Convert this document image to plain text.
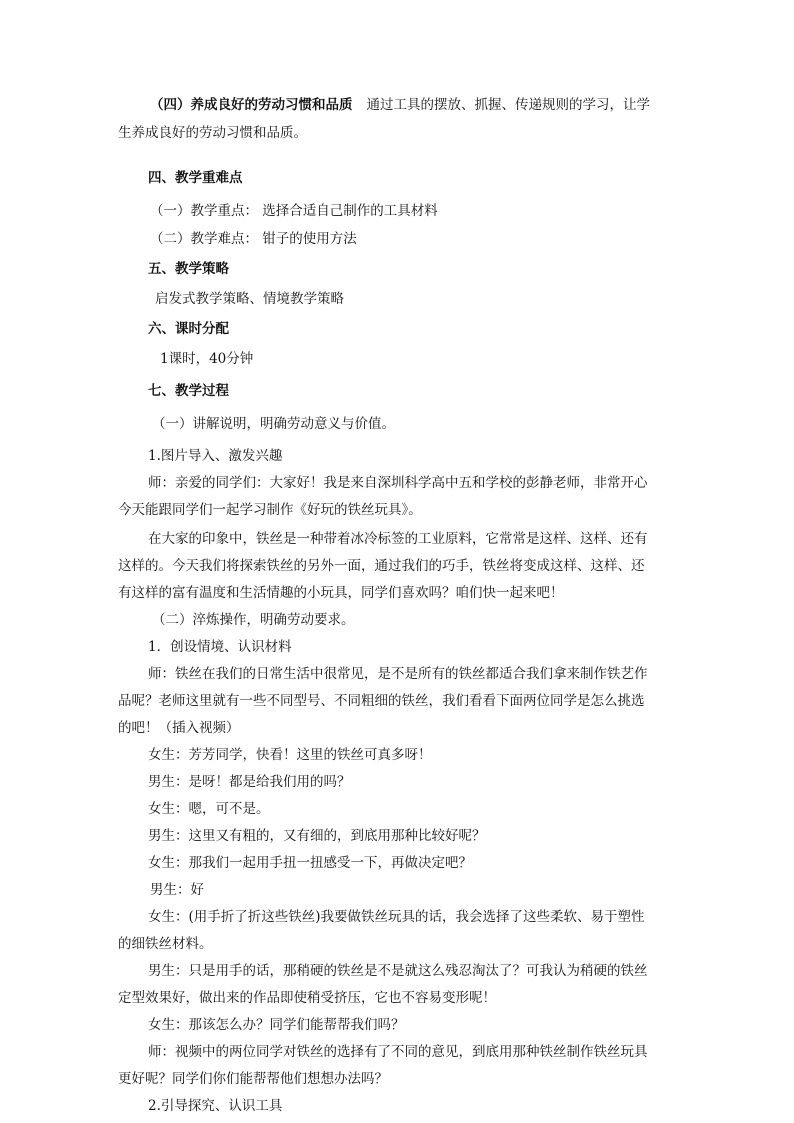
（四）养成良好的劳动习惯和品质 通过工具的摆放、抓握、传递规则的学习，让学
生养成良好的劳动习惯和品质。
四、教学重难点
（一）教学重点： 选择合适自己制作的工具材料
（二）教学难点： 钳子的使用方法
五、教学策略
启发式教学策略、情境教学策略
六、课时分配
1课时，40分钟
七、教学过程
（一）讲解说明，明确劳动意义与价值。
1.图片导入、激发兴趣
师：亲爱的同学们：大家好！我是来自深圳科学高中五和学校的彭静老师，非常开心
今天能跟同学们一起学习制作《好玩的铁丝玩具》。
在大家的印象中，铁丝是一种带着冰冷标签的工业原料，它常常是这样、这样、还有
这样的。今天我们将探索铁丝的另外一面，通过我们的巧手，铁丝将变成这样、这样、还
有这样的富有温度和生活情趣的小玩具，同学们喜欢吗？咱们快一起来吧！
（二）淬炼操作，明确劳动要求。
1．创设情境、认识材料
师：铁丝在我们的日常生活中很常见，是不是所有的铁丝都适合我们拿来制作铁艺作
品呢？老师这里就有一些不同型号、不同粗细的铁丝，我们看看下面两位同学是怎么挑选
的吧！（插入视频）
女生：芳芳同学，快看！这里的铁丝可真多呀！
男生：是呀！都是给我们用的吗？
女生：嗯，可不是。
男生：这里又有粗的，又有细的，到底用那种比较好呢？
女生：那我们一起用手扭一扭感受一下，再做决定吧？
男生：好
女生：(用手折了折这些铁丝)我要做铁丝玩具的话，我会选择了这些柔软、易于塑性
的细铁丝材料。
男生：只是用手的话，那稍硬的铁丝是不是就这么残忍淘汰了？可我认为稍硬的铁丝
定型效果好，做出来的作品即使稍受挤压，它也不容易变形呢！
女生：那该怎么办？同学们能帮帮我们吗？
师：视频中的两位同学对铁丝的选择有了不同的意见，到底用那种铁丝制作铁丝玩具
更好呢？同学们你们能帮帮他们想想办法吗？
2.引导探究、认识工具
